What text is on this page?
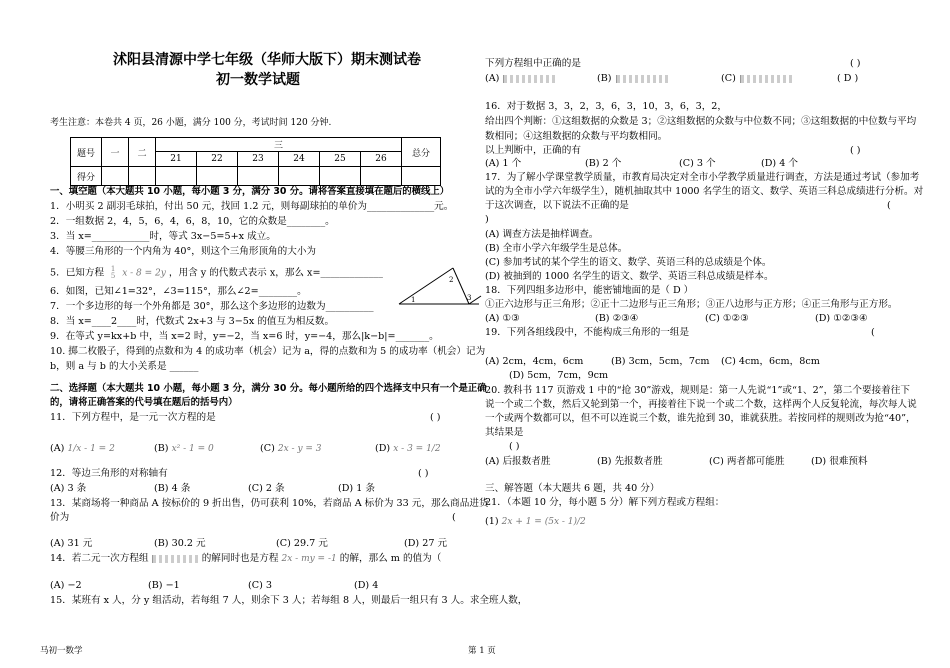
沭阳县清源中学七年级（华师大版下）期末测试卷
初一数学试题
考生注意：本卷共 4 页，26 小题，满分 100 分，考试时间 120 分钟.
题号	一	二	三						总分
			21	22	23	24	25	26	
得分									
一、填空题（本大题共 10 小题，每小题 3 分，满分 30 分。请将答案直接填在题后的横线上）
1．小明买 2 副羽毛球拍，付出 50 元，找回 1.2 元，则每副球拍的单价为______________元。
2．一组数据 2，4，5，6，4，6，8，10，它的众数是________。
3．当 x=____________时，等式 3x−5=5+x 成立。
4．等腰三角形的一个内角为 40°，则这个三角形顶角的大小为
5．已知方程 1
5 x - 8 = 2y ，用含 y 的代数式表示 x，那么 x=_____________
6．如图，已知∠1=32°，∠3=115°，那么∠2=________。
7．一个多边形的每一个外角都是 30°，那么这个多边形的边数为__________
8．当 x=____2____时，代数式 2x+3 与 3−5x 的值互为相反数。
9．在等式 y=kx+b 中，当 x=2 时，y=−2，当 x=6 时，y=−4，那么|k−b|=_______。
10. 掷二枚骰子，得到的点数和为 4 的成功率（机会）记为 a，得的点数和为 5 的成功率（机会）记为
b，则 a 与 b 的大小关系是 ______
2
1	3
二、选择题（本大题共 10 小题，每小题 3 分，满分 30 分。每小题所给的四个选择支中只有一个是正确
的，请将正确答案的代号填在题后的括号内）
11．下列方程中，是一元一次方程的是	( )
(A) 1/x - 1 = 2	(B) x² - 1 = 0	(C) 2x - y = 3	(D) x - 3 = 1/2
12．等边三角形的对称轴有	( )
(A) 3 条	(B) 4 条	(C) 2 条	(D) 1 条
13．某商场将一种商品 A 按标价的 9 折出售，仍可获利 10%，若商品 A 标价为 33 元，那么商品进货
价为	(
(A) 31 元	(B) 30.2 元	(C) 29.7 元	(D) 27 元
14．若二元一次方程组	的解同时也是方程 2x - my = -1 的解，那么 m 的值为（
(A) −2	(B) −1	(C) 3	(D) 4
15．某班有 x 人，分 y 组活动，若每组 7 人，则余下 3 人；若每组 8 人，则最后一组只有 3 人。求全班人数，
马初一数学	第 1 页
下列方程组中正确的是	( )
(A)	(B)	(C)	( D )
16．对于数据 3，3，2，3，6，3，10，3，6，3，2，
给出四个判断：①这组数据的众数是 3；②这组数据的众数与中位数不同；③这组数据的中位数与平均
数相同；④这组数据的众数与平均数相同。
以上判断中，正确的有	( )
(A) 1 个	(B) 2 个	(C) 3 个	(D) 4 个
17．为了解小学课堂教学质量，市教育局决定对全市小学教学质量进行调查，方法是通过考试（参加考
试的为全市小学六年级学生），随机抽取其中 1000 名学生的语文、数学、英语三科总成绩进行分析。对
于这次调查，以下说法不正确的是	(
)
(A) 调查方法是抽样调查。
(B) 全市小学六年级学生是总体。
(C) 参加考试的某个学生的语文、数学、英语三科的总成绩是个体。
(D) 被抽到的 1000 名学生的语文、数学、英语三科总成绩是样本。
18．下列四组多边形中，能密铺地面的是（ D ）
①正六边形与正三角形；②正十二边形与正三角形；③正八边形与正方形；④正三角形与正方形。
(A) ①③	(B) ②③④	(C) ①②③	(D) ①②③④
19．下列各组线段中，不能构成三角形的一组是	(
(A) 2cm，4cm，6cm	(B) 3cm，5cm，7cm (C) 4cm，6cm，8cm
(D) 5cm，7cm，9cm
20. 教科书 117 页游戏 1 中的“抢 30”游戏，规则是：第一人先说“1”或“1、2”，第二个要接着往下
说一个或二个数，然后又轮到第一个，再接着往下说一个或二个数，这样两个人反复轮流，每次每人说
一个或两个数都可以，但不可以连说三个数，谁先抢到 30，谁就获胜。若按同样的规则改为抢“40”，
其结果是
( )
(A) 后报数者胜	(B) 先报数者胜	(C) 两者都可能胜	(D) 很难预料
三、解答题（本大题共 6 题，共 40 分）
21．（本题 10 分，每小题 5 分）解下列方程或方程组：
(1) 2x + 1 = (5x - 1)/2
